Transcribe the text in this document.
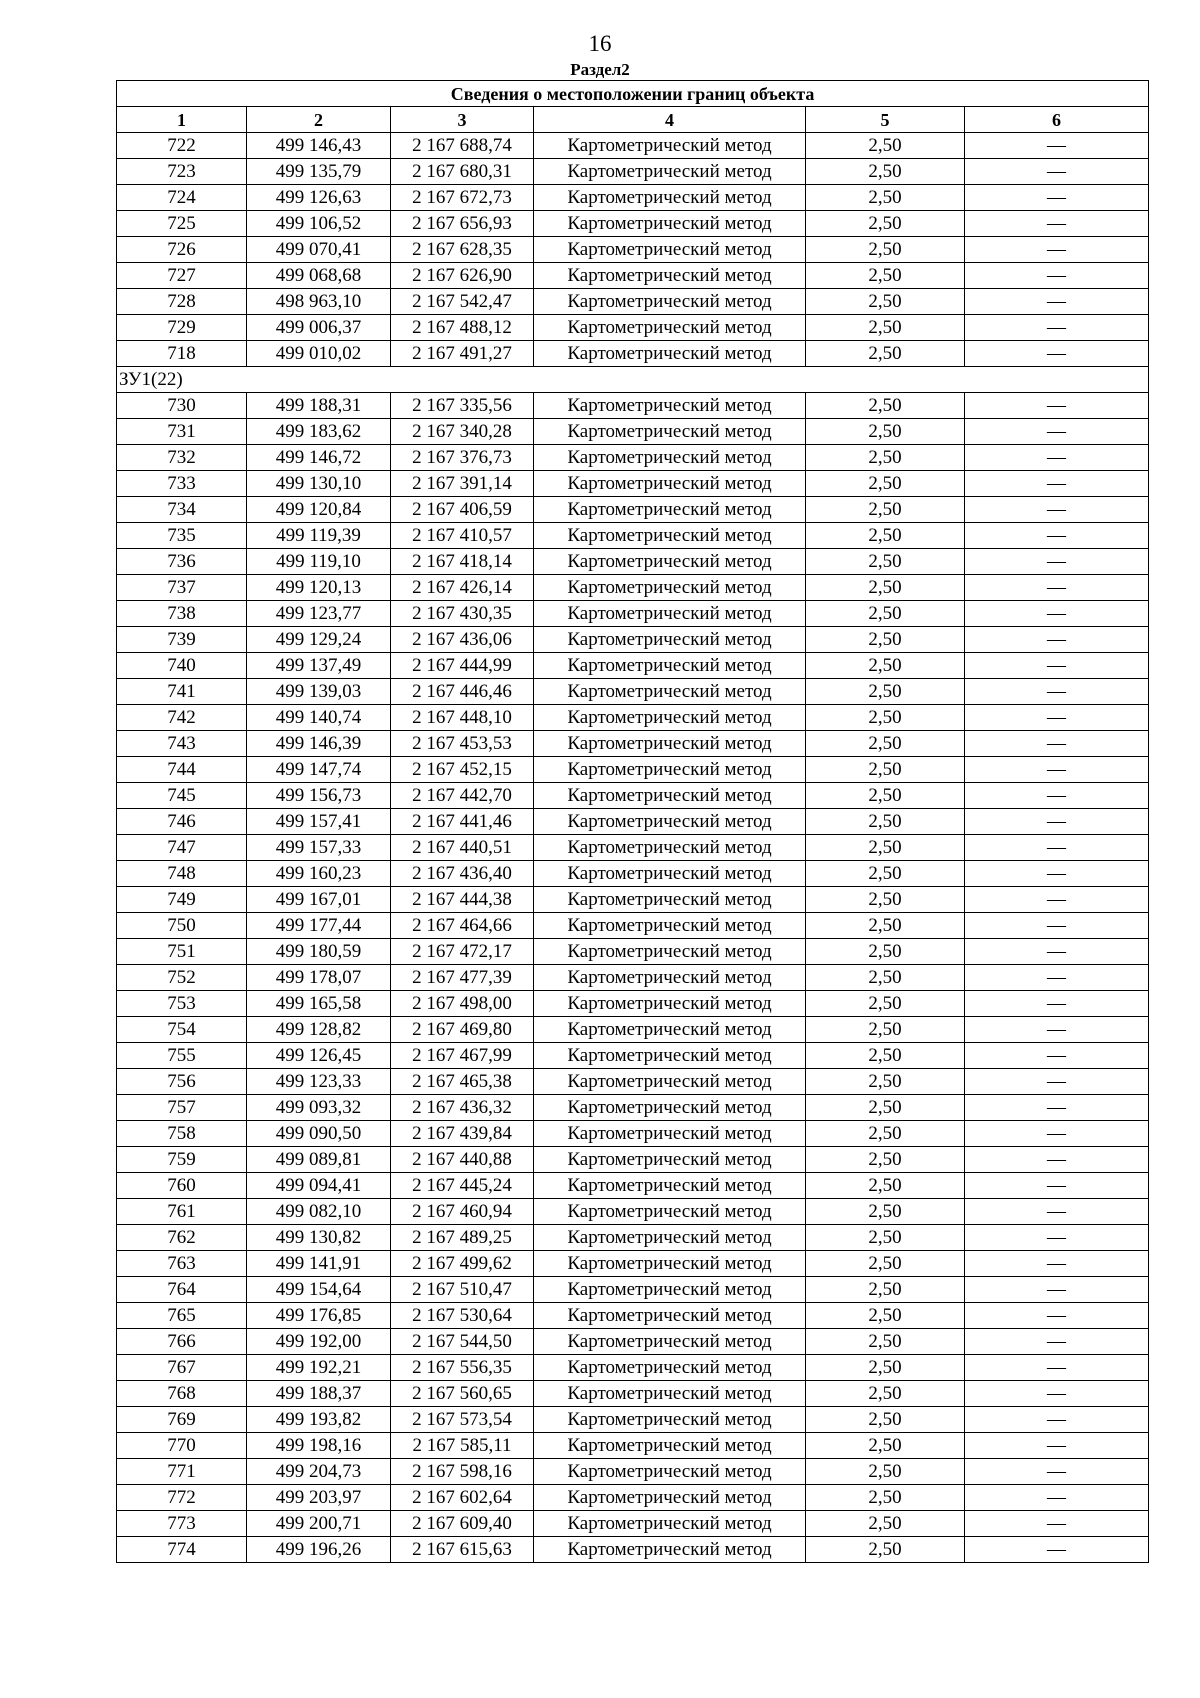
16
Раздел2
Сведения о местоположении границ объекта					
1	2	3	4	5	6
722	499 146,43	2 167 688,74	Картометрический метод	2,50	—
723	499 135,79	2 167 680,31	Картометрический метод	2,50	—
724	499 126,63	2 167 672,73	Картометрический метод	2,50	—
725	499 106,52	2 167 656,93	Картометрический метод	2,50	—
726	499 070,41	2 167 628,35	Картометрический метод	2,50	—
727	499 068,68	2 167 626,90	Картометрический метод	2,50	—
728	498 963,10	2 167 542,47	Картометрический метод	2,50	—
729	499 006,37	2 167 488,12	Картометрический метод	2,50	—
718	499 010,02	2 167 491,27	Картометрический метод	2,50	—
ЗУ1(22)					
730	499 188,31	2 167 335,56	Картометрический метод	2,50	—
731	499 183,62	2 167 340,28	Картометрический метод	2,50	—
732	499 146,72	2 167 376,73	Картометрический метод	2,50	—
733	499 130,10	2 167 391,14	Картометрический метод	2,50	—
734	499 120,84	2 167 406,59	Картометрический метод	2,50	—
735	499 119,39	2 167 410,57	Картометрический метод	2,50	—
736	499 119,10	2 167 418,14	Картометрический метод	2,50	—
737	499 120,13	2 167 426,14	Картометрический метод	2,50	—
738	499 123,77	2 167 430,35	Картометрический метод	2,50	—
739	499 129,24	2 167 436,06	Картометрический метод	2,50	—
740	499 137,49	2 167 444,99	Картометрический метод	2,50	—
741	499 139,03	2 167 446,46	Картометрический метод	2,50	—
742	499 140,74	2 167 448,10	Картометрический метод	2,50	—
743	499 146,39	2 167 453,53	Картометрический метод	2,50	—
744	499 147,74	2 167 452,15	Картометрический метод	2,50	—
745	499 156,73	2 167 442,70	Картометрический метод	2,50	—
746	499 157,41	2 167 441,46	Картометрический метод	2,50	—
747	499 157,33	2 167 440,51	Картометрический метод	2,50	—
748	499 160,23	2 167 436,40	Картометрический метод	2,50	—
749	499 167,01	2 167 444,38	Картометрический метод	2,50	—
750	499 177,44	2 167 464,66	Картометрический метод	2,50	—
751	499 180,59	2 167 472,17	Картометрический метод	2,50	—
752	499 178,07	2 167 477,39	Картометрический метод	2,50	—
753	499 165,58	2 167 498,00	Картометрический метод	2,50	—
754	499 128,82	2 167 469,80	Картометрический метод	2,50	—
755	499 126,45	2 167 467,99	Картометрический метод	2,50	—
756	499 123,33	2 167 465,38	Картометрический метод	2,50	—
757	499 093,32	2 167 436,32	Картометрический метод	2,50	—
758	499 090,50	2 167 439,84	Картометрический метод	2,50	—
759	499 089,81	2 167 440,88	Картометрический метод	2,50	—
760	499 094,41	2 167 445,24	Картометрический метод	2,50	—
761	499 082,10	2 167 460,94	Картометрический метод	2,50	—
762	499 130,82	2 167 489,25	Картометрический метод	2,50	—
763	499 141,91	2 167 499,62	Картометрический метод	2,50	—
764	499 154,64	2 167 510,47	Картометрический метод	2,50	—
765	499 176,85	2 167 530,64	Картометрический метод	2,50	—
766	499 192,00	2 167 544,50	Картометрический метод	2,50	—
767	499 192,21	2 167 556,35	Картометрический метод	2,50	—
768	499 188,37	2 167 560,65	Картометрический метод	2,50	—
769	499 193,82	2 167 573,54	Картометрический метод	2,50	—
770	499 198,16	2 167 585,11	Картометрический метод	2,50	—
771	499 204,73	2 167 598,16	Картометрический метод	2,50	—
772	499 203,97	2 167 602,64	Картометрический метод	2,50	—
773	499 200,71	2 167 609,40	Картометрический метод	2,50	—
774	499 196,26	2 167 615,63	Картометрический метод	2,50	—
